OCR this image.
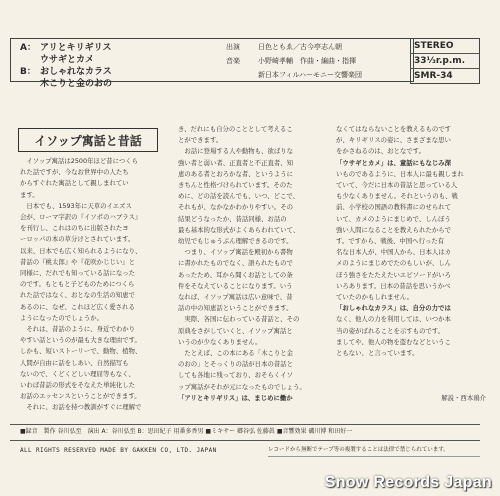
A： アリとキリギリス
ウサギとカメ
B： おしゃれなカラス
木こりと金のおの
出演	日色ともゑ／古今亭志ん朝
音楽	小野崎孝輔　作曲・編曲・指揮
新日本フィルハーモニー交響楽団
STEREO
33⅓r.p.m.
SMR-34
イソップ寓話と昔話

　イソップ寓話は2500年ほど昔につくら

れた話ですが、今なお世界中の人たち

からすぐれた寓話として親しまれてい

ます。

　日本でも、1593年に天草のイエズス

会が、ローマ字訳の『イソポのハブラス』

を刊行し、これはのちに出版されたヨ

ーロッパの本の草分けとされています。

以来、日本でも広く知られるようになり、

昔話の『桃太郎』や『花咲かじじい』と

同様に、だれでも知っている話になった

のです。もともと子どものためにつくら

れた話ではなく、おとなの生活の知恵で

あるのに、なぜ、これほど広く愛される

ようになったのでしょうか。

　それは、昔話のように、身近でわかり

やすい話というのが最も大きな理由です。

しかも、短いストーリーで、動物、植物、

人間が自由に話をしあい、自然描写も

ないので、くどくどしい理屈等もなく、

いわば昔話の形式をそなえた単純化した

お話のエッセンスということができます。

　それに、お話を持つ教訓がすぐに理解で

き、だれにも自分のこととして考えるこ

とができます。

　お話に登場する人や動物も、欲ばりな

強い者と弱い者、正直者と不正直者、知

恵のある者とおろかな者、というように

きちんと性格づけられています。そのた

めに、どの話を読んでも、いつ、どこで、

それもが、なかなかわかりやすい。その

結果どうなったか、昔話同様、お話の

最も基本的な形式がよくあらわれていて、

幼児でもじゅうぶん理解できるのです。

　つまり、イソップ寓話を殿初から書物

に書かれたものでなく、語られたもので

あったため、耳から聞くお話としての条

件をそなえていることになります。いう

なれば、イソップ寓話は広い意味で、昔

話の中の知恵話ということができます。

　実際、各国に伝わっている昔話と、その

原典をさがしていくと、イソップ寓話と

いうのが少なくありません。

　たとえば、この本にある「木こりと金

のおの」とそっくりの話が日本の昔話と

しても各地に残っており、おそらくイソ

ップ寓話がそれが元になったものでしょう。

「アリとキリギリス」は、まじめに働か

なくてはならないことを教えるものです

が、キリギリスの姿に、さまざまな思い

をかさねるのは、おとなです。

「ウサギとカメ」は、童話にもなじみ深

いものであるように、日本人に最も親しまれ

ていて、今だに日本の昔話と思っている人

も少なくありません。それというのも、戦

前、小学校の国語の教科書にのせられて

いて、カメのようにまじめで、しんぼう

強い人間になることを教えられたからで

す。ですから、戦後、中国へ行った有

名な日本人が、中国人から、日本人はカ

メのようにまじめでたのもしいが、しん

ぼう強さをたたえたいエピソードがいろ

いろあります。日本の昔話を思いうかべ

ていたのかもしれません。

「おしゃれなカラス」は、自分の力では

なく、他人の力を利用しては、いつか本

当の姿がばれることを示すものです。

ましてや、他人の物を盗むなどというこ

ともない、と言っています。

解説・西本鶏介

■録音　製作 谷川弘至　演出 A：谷川弘至 B：思田紀子 用番多香男 ■ミキサー 郷谷弘 佐藤眞 ■音響効果 磯川博 和田好一
ALL RIGHTS RESERVED MADE BY GAKKEN CO, LTD. JAPAN	レコードから無断でテープ等の複製することは法律で禁じられています。
Snow Records Japan
